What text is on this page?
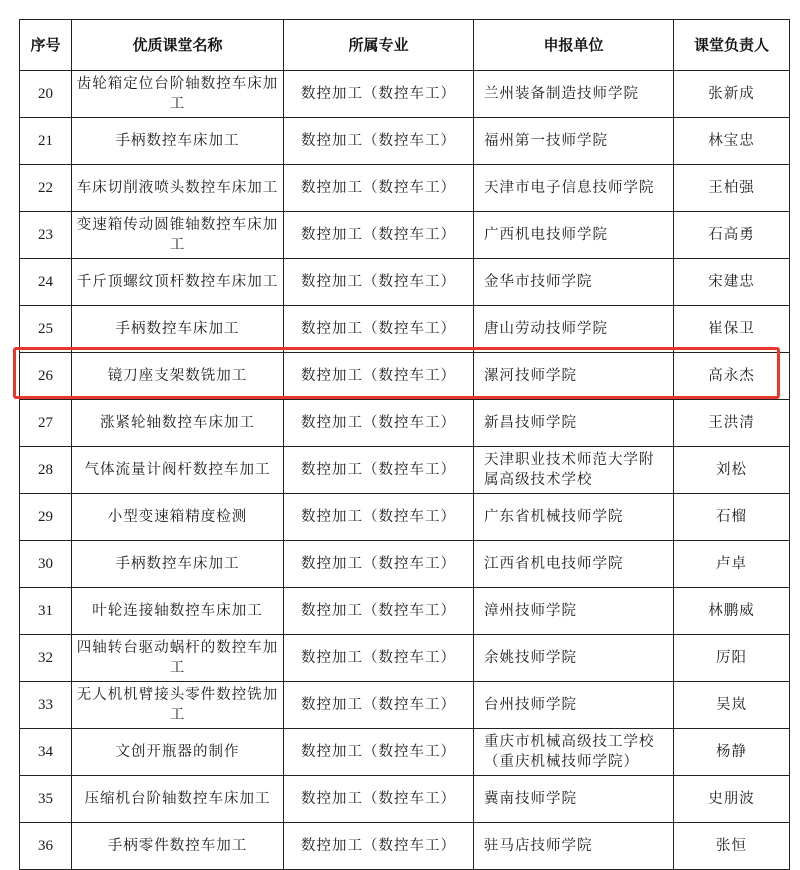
序号	优质课堂名称	所属专业	申报单位	课堂负责人
20	齿轮箱定位台阶轴数控车床加工	数控加工（数控车工）	兰州装备制造技师学院	张新成
21	手柄数控车床加工	数控加工（数控车工）	福州第一技师学院	林宝忠
22	车床切削液喷头数控车床加工	数控加工（数控车工）	天津市电子信息技师学院	王柏强
23	变速箱传动圆锥轴数控车床加工	数控加工（数控车工）	广西机电技师学院	石高勇
24	千斤顶螺纹顶杆数控车床加工	数控加工（数控车工）	金华市技师学院	宋建忠
25	手柄数控车床加工	数控加工（数控车工）	唐山劳动技师学院	崔保卫
26	镜刀座支架数铣加工	数控加工（数控车工）	漯河技师学院	高永杰
27	涨紧轮轴数控车床加工	数控加工（数控车工）	新昌技师学院	王洪清
28	气体流量计阀杆数控车加工	数控加工（数控车工）	天津职业技术师范大学附属高级技术学校	刘松
29	小型变速箱精度检测	数控加工（数控车工）	广东省机械技师学院	石榴
30	手柄数控车床加工	数控加工（数控车工）	江西省机电技师学院	卢卓
31	叶轮连接轴数控车床加工	数控加工（数控车工）	漳州技师学院	林鹏威
32	四轴转台驱动蜗杆的数控车加工	数控加工（数控车工）	余姚技师学院	厉阳
33	无人机机臂接头零件数控铣加工	数控加工（数控车工）	台州技师学院	吴岚
34	文创开瓶器的制作	数控加工（数控车工）	重庆市机械高级技工学校（重庆机械技师学院）	杨静
35	压缩机台阶轴数控车床加工	数控加工（数控车工）	冀南技师学院	史朋波
36	手柄零件数控车加工	数控加工（数控车工）	驻马店技师学院	张恒
